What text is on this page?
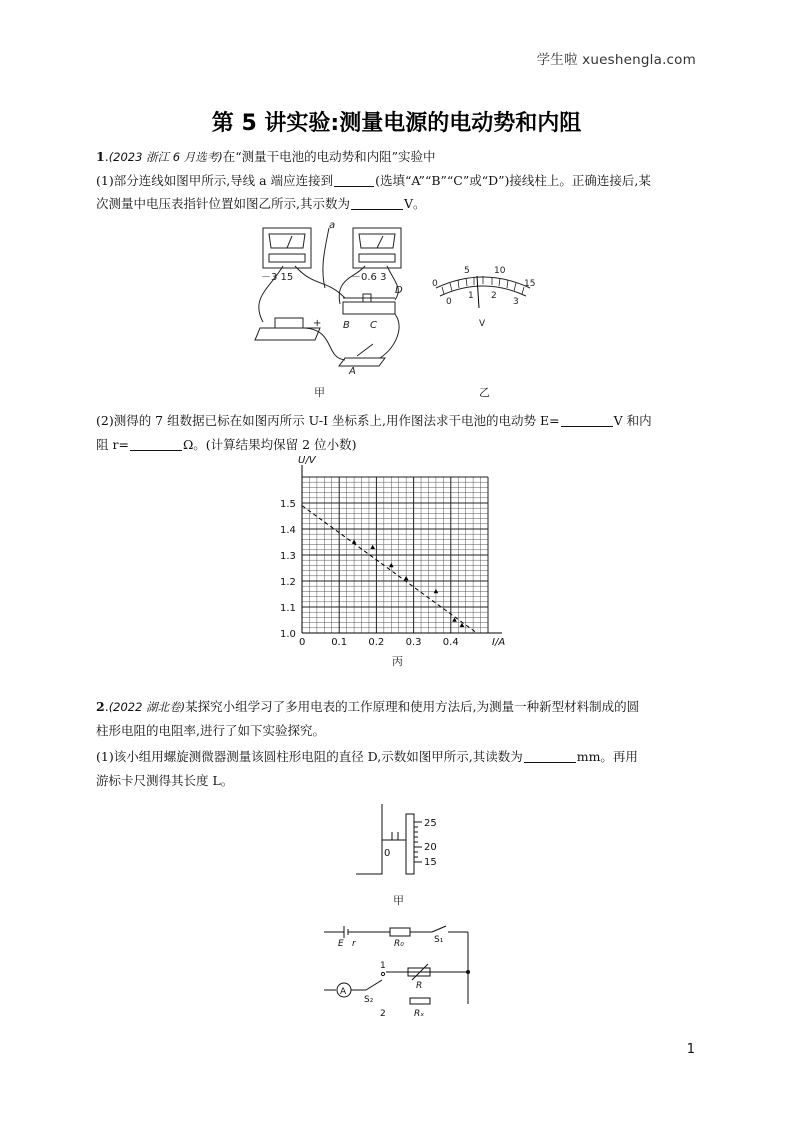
学生啦 xueshengla.com
第 5 讲实验:测量电源的电动势和内阻
1.(2023 浙江 6 月选考)在“测量干电池的电动势和内阻”实验中
(1)部分连线如图甲所示,导线 a 端应连接到	(选填“A”“B”“C”或“D”)接线柱上。正确连接后,某
次测量中电压表指针位置如图乙所示,其示数为	V。
a
－3 15	－0.6 3
D
B C
A
+
甲
0
5	10
15
0
1 2
3
V
乙
(2)测得的 7 组数据已标在如图丙所示 U-I 坐标系上,用作图法求干电池的电动势 E=	V 和内
阻 r=	Ω。(计算结果均保留 2 位小数)
0	0.1 0.2 0.3 0.4
1.0
1.1
1.2
1.3
1.4
1.5
I/A
U/V
丙
2.(2022 湖北卷)某探究小组学习了多用电表的工作原理和使用方法后,为测量一种新型材料制成的圆
柱形电阻的电阻率,进行了如下实验探究。
(1)该小组用螺旋测微器测量该圆柱形电阻的直径 D,示数如图甲所示,其读数为	mm。再用
游标卡尺测得其长度 L。
25
20
15
0
甲
E r	R₀	S₁
A
S₂
1
2
R
Rₓ
1
